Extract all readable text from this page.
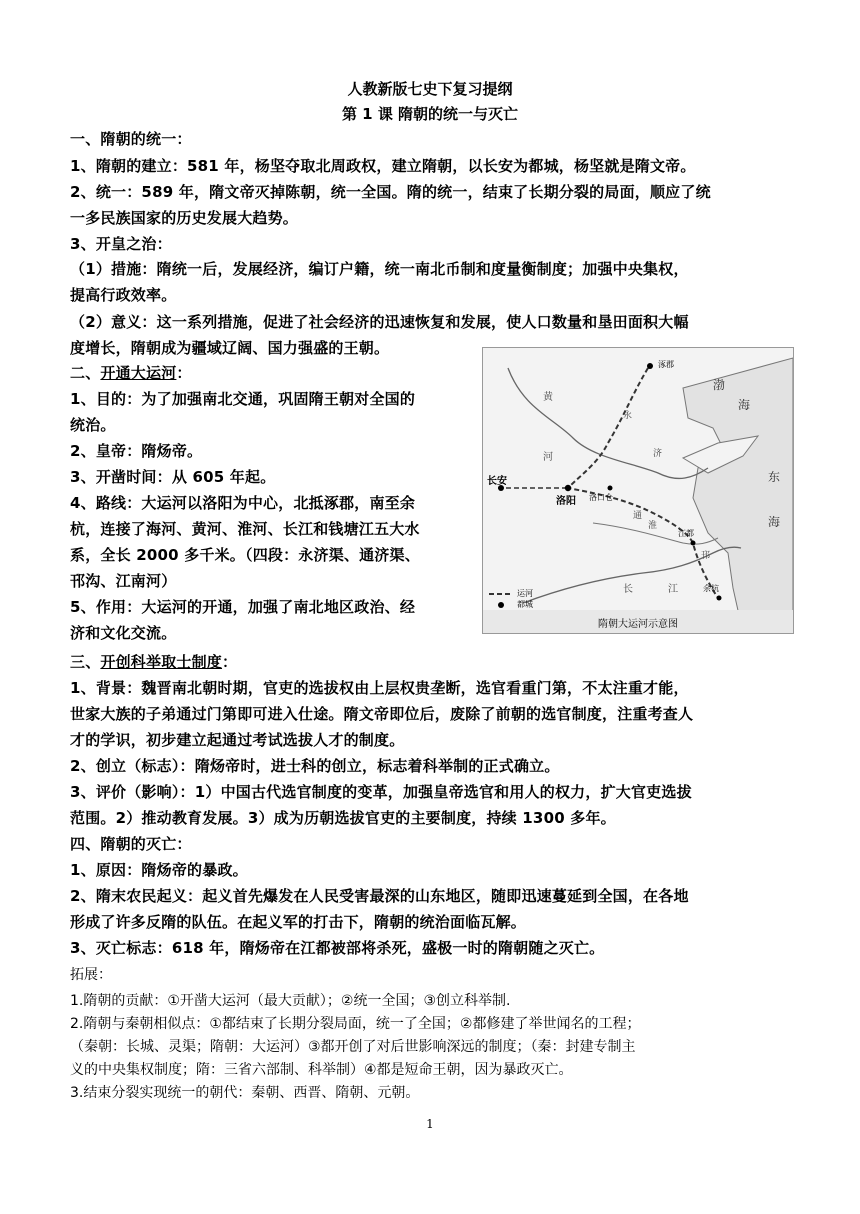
人教新版七史下复习提纲
第 1 课 隋朝的统一与灭亡
一、隋朝的统一：
1、隋朝的建立：581 年，杨坚夺取北周政权，建立隋朝，以长安为都城，杨坚就是隋文帝。
2、统一：589 年，隋文帝灭掉陈朝，统一全国。隋的统一，结束了长期分裂的局面，顺应了统
一多民族国家的历史发展大趋势。
3、开皇之治：
（1）措施：隋统一后，发展经济，编订户籍，统一南北币制和度量衡制度；加强中央集权，
提高行政效率。
（2）意义：这一系列措施，促进了社会经济的迅速恢复和发展，使人口数量和垦田面积大幅
度增长，隋朝成为疆域辽阔、国力强盛的王朝。
二、开通大运河：
1、目的：为了加强南北交通，巩固隋王朝对全国的
统治。
2、皇帝：隋炀帝。
3、开凿时间：从 605 年起。
4、路线：大运河以洛阳为中心，北抵涿郡，南至余
杭，连接了海河、黄河、淮河、长江和钱塘江五大水
系，全长 2000 多千米。（四段：永济渠、通济渠、
邗沟、江南河）
5、作用：大运河的开通，加强了南北地区政治、经
济和文化交流。
三、开创科举取士制度：
1、背景：魏晋南北朝时期，官吏的选拔权由上层权贵垄断，选官看重门第，不太注重才能，
世家大族的子弟通过门第即可进入仕途。隋文帝即位后，废除了前朝的选官制度，注重考查人
才的学识，初步建立起通过考试选拔人才的制度。
2、创立（标志）：隋炀帝时，进士科的创立，标志着科举制的正式确立。
3、评价（影响）：1）中国古代选官制度的变革，加强皇帝选官和用人的权力，扩大官吏选拔
范围。2）推动教育发展。3）成为历朝选拔官吏的主要制度，持续 1300 多年。
四、隋朝的灭亡：
1、原因：隋炀帝的暴政。
2、隋末农民起义：起义首先爆发在人民受害最深的山东地区，随即迅速蔓延到全国，在各地
形成了许多反隋的队伍。在起义军的打击下，隋朝的统治面临瓦解。
3、灭亡标志：618 年，隋炀帝在江都被部将杀死，盛极一时的隋朝随之灭亡。
拓展：
1.隋朝的贡献：①开凿大运河（最大贡献）；②统一全国；③创立科举制.
2.隋朝与秦朝相似点：①都结束了长期分裂局面，统一了全国；②都修建了举世闻名的工程；
（秦朝：长城、灵渠；隋朝：大运河）③都开创了对后世影响深远的制度；（秦：封建专制主
义的中央集权制度；隋：三省六部制、科举制）④都是短命王朝，因为暴政灭亡。
3.结束分裂实现统一的朝代：秦朝、西晋、隋朝、元朝。
涿郡
长安
洛阳 洛口仓
江都
余杭
渤
海
东
海
黄
河
长	江
淮
济
永
通
邗
运河
都城
隋朝大运河示意图
1
